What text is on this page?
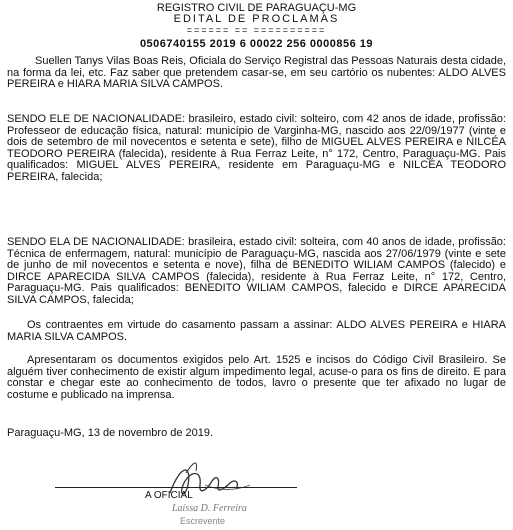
REGISTRO CIVIL DE PARAGUAÇU-MG
EDITAL DE PROCLAMAS
====== == ==========
0506740155 2019 6 00022 256 0000856 19

Suellen Tanys Vilas Boas Reis, Oficiala do Serviço Registral das Pessoas Naturais desta cidade, na forma da lei, etc. Faz saber que pretendem casar-se, em seu cartório os nubentes: ALDO ALVES PEREIRA e HIARA MARIA SILVA CAMPOS.

SENDO ELE DE NACIONALIDADE: brasileiro, estado civil: solteiro, com 42 anos de idade, profissão: Professeor de educação física, natural: município de Varginha-MG, nascido aos 22/09/1977 (vinte e dois de setembro de mil novecentos e setenta e sete), filho de MIGUEL ALVES PEREIRA e NILCÉA TEODORO PEREIRA (falecida), residente à Rua Ferraz Leite, n° 172, Centro, Paraguaçu-MG. Pais qualificados: MIGUEL ALVES PEREIRA, residente em Paraguaçu-MG e NILCÉA TEODORO PEREIRA, falecida;

SENDO ELA DE NACIONALIDADE: brasileira, estado civil: solteira, com 40 anos de idade, profissão: Técnica de enfermagem, natural: município de Paraguaçu-MG, nascida aos 27/06/1979 (vinte e sete de junho de mil novecentos e setenta e nove), filha de BENEDITO WILIAM CAMPOS (falecido) e DIRCE APARECIDA SILVA CAMPOS (falecida), residente à Rua Ferraz Leite, n° 172, Centro, Paraguaçu-MG. Pais qualificados: BENEDITO WILIAM CAMPOS, falecido e DIRCE APARECIDA SILVA CAMPOS, falecida;

Os contraentes em virtude do casamento passam a assinar: ALDO ALVES PEREIRA e HIARA MARIA SILVA CAMPOS.

Apresentaram os documentos exigidos pelo Art. 1525 e incisos do Código Civil Brasileiro. Se alguém tiver conhecimento de existir algum impedimento legal, acuse-o para os fins de direito. E para constar e chegar este ao conhecimento de todos, lavro o presente que ter afixado no lugar de costume e publicado na imprensa.

Paraguaçu-MG, 13 de novembro de 2019.

A OFICIAL
Laíssa D. Ferreira
Escrevente
